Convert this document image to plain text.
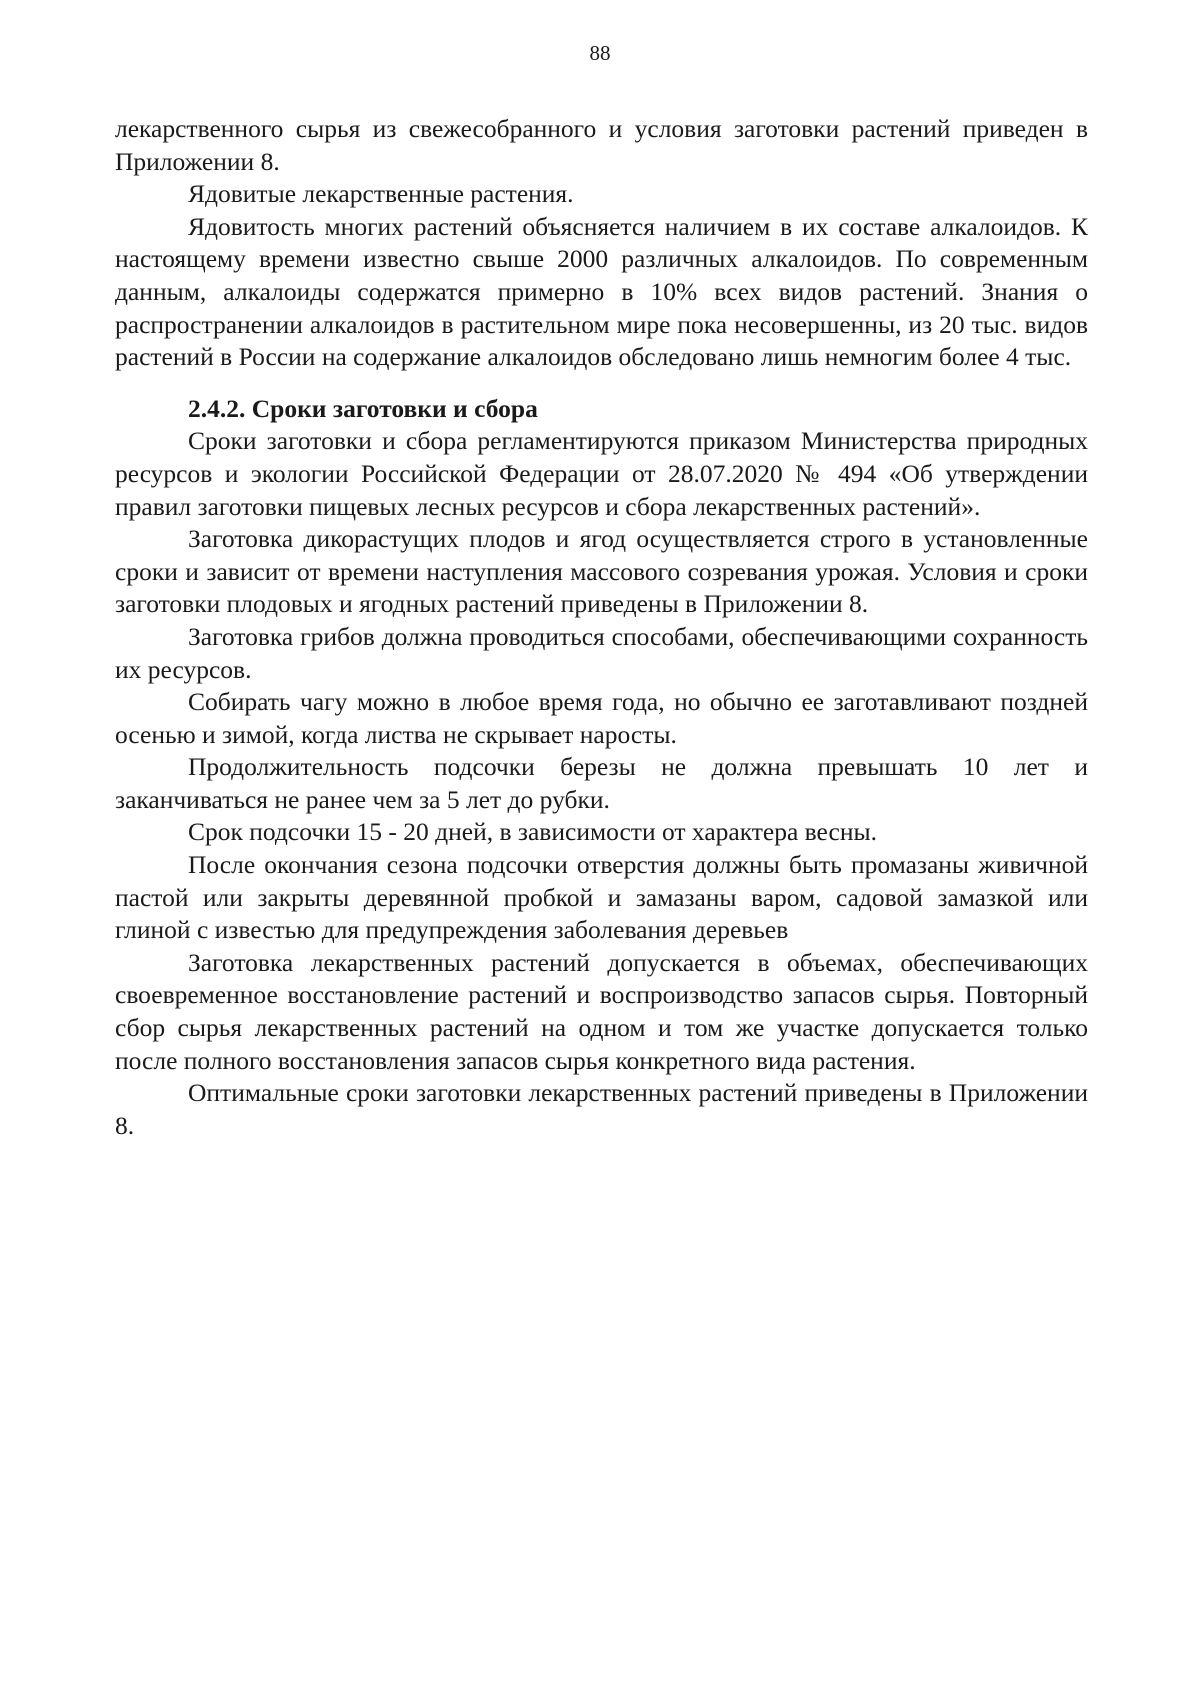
88

лекарственного сырья из свежесобранного и условия заготовки растений приведен в Приложении 8.

Ядовитые лекарственные растения.

Ядовитость многих растений объясняется наличием в их составе алкалоидов. К настоящему времени известно свыше 2000 различных алкалоидов. По современным данным, алкалоиды содержатся примерно в 10% всех видов растений. Знания о распространении алкалоидов в растительном мире пока несовершенны, из 20 тыс. видов растений в России на содержание алкалоидов обследовано лишь немногим более 4 тыс.

2.4.2. Сроки заготовки и сбора

Сроки заготовки и сбора регламентируются приказом Министерства природных ресурсов и экологии Российской Федерации от 28.07.2020 № 494 «Об утверждении правил заготовки пищевых лесных ресурсов и сбора лекарственных растений».

Заготовка дикорастущих плодов и ягод осуществляется строго в установленные сроки и зависит от времени наступления массового созревания урожая. Условия и сроки заготовки плодовых и ягодных растений приведены в Приложении 8.

Заготовка грибов должна проводиться способами, обеспечивающими сохранность их ресурсов.

Собирать чагу можно в любое время года, но обычно ее заготавливают поздней осенью и зимой, когда листва не скрывает наросты.

Продолжительность подсочки березы не должна превышать 10 лет и заканчиваться не ранее чем за 5 лет до рубки.

Срок подсочки 15 - 20 дней, в зависимости от характера весны.

После окончания сезона подсочки отверстия должны быть промазаны живичной пастой или закрыты деревянной пробкой и замазаны варом, садовой замазкой или глиной с известью для предупреждения заболевания деревьев

Заготовка лекарственных растений допускается в объемах, обеспечивающих своевременное восстановление растений и воспроизводство запасов сырья. Повторный сбор сырья лекарственных растений на одном и том же участке допускается только после полного восстановления запасов сырья конкретного вида растения.

Оптимальные сроки заготовки лекарственных растений приведены в Приложении 8.
